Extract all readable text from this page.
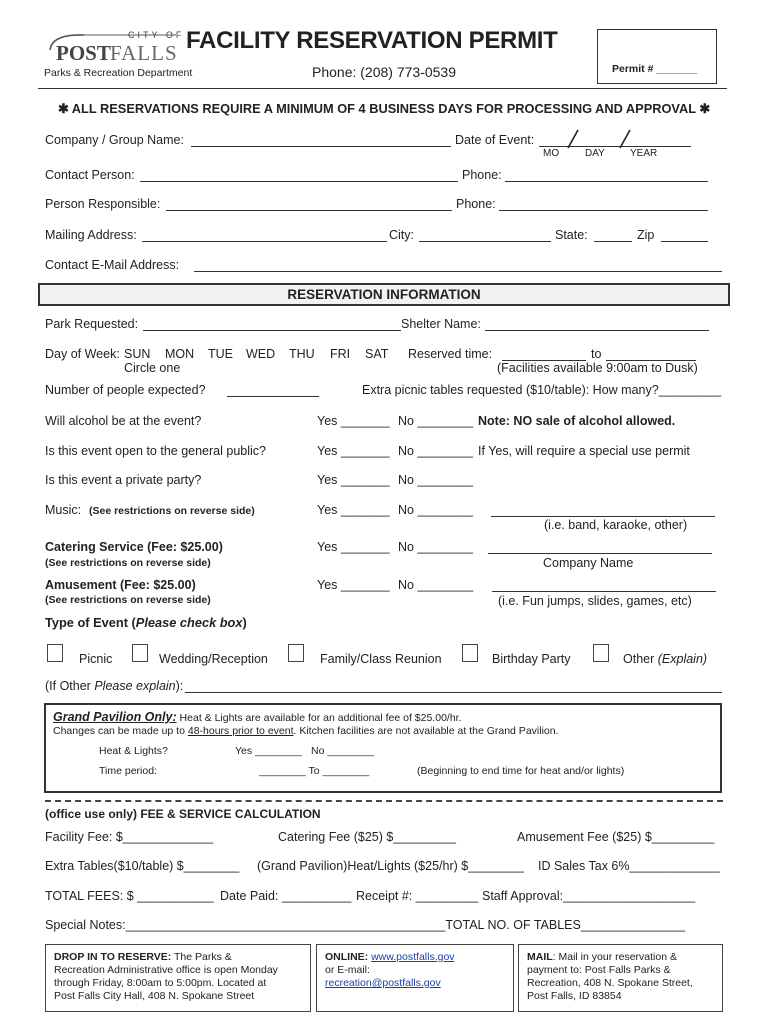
CITY OF
POST FALLS
Parks & Recreation Department
FACILITY RESERVATION PERMIT
Phone: (208) 773-0539	Permit # _______
✱ ALL RESERVATIONS REQUIRE A MINIMUM OF 4 BUSINESS DAYS FOR PROCESSING AND APPROVAL ✱
Company / Group Name:	Date of Event:
MO	DAY	YEAR
Contact Person:	Phone:
Person Responsible:	Phone:
Mailing Address:	City:	State:	Zip
Contact E-Mail Address:
RESERVATION INFORMATION
Park Requested:	Shelter Name:
Day of Week: SUN MON TUE WED THU FRI SAT
Circle one
Reserved time:	to
(Facilities available 9:00am to Dusk)
Number of people expected?	Extra picnic tables requested ($10/table): How many?_________
Will alcohol be at the event?	Yes _______ No ________ Note: NO sale of alcohol allowed.
Is this event open to the general public?	Yes _______ No ________ If Yes, will require a special use permit
Is this event a private party?	Yes _______ No ________
Music: (See restrictions on reverse side)	Yes _______ No ________
(i.e. band, karaoke, other)
Catering Service (Fee: $25.00)
(See restrictions on reverse side)
Yes _______ No ________
Company Name
Amusement (Fee: $25.00)
(See restrictions on reverse side)
Yes _______ No ________
(i.e. Fun jumps, slides, games, etc)
Type of Event (Please check box)
Picnic	Wedding/Reception	Family/Class Reunion	Birthday Party	Other (Explain)
(If Other Please explain):
Grand Pavilion Only: Heat & Lights are available for an additional fee of $25.00/hr.
Changes can be made up to 48-hours prior to event. Kitchen facilities are not available at the Grand Pavilion.
Heat & Lights?	Yes ________ No ________
Time period:	________ To ________	(Beginning to end time for heat and/or lights)
(office use only) FEE & SERVICE CALCULATION
Facility Fee: $_____________	Catering Fee ($25) $_________	Amusement Fee ($25) $_________
Extra Tables($10/table) $________ (Grand Pavilion)Heat/Lights ($25/hr) $________ ID Sales Tax 6%_____________
TOTAL FEES: $ ___________ Date Paid: __________ Receipt #: _________ Staff Approval:___________________
Special Notes:______________________________________________TOTAL NO. OF TABLES_______________
DROP IN TO RESERVE: The Parks &
Recreation Administrative office is open Monday
through Friday, 8:00am to 5:00pm. Located at
Post Falls City Hall, 408 N. Spokane Street
ONLINE: www.postfalls.gov
or E-mail:
recreation@postfalls.gov
MAIL: Mail in your reservation &
payment to: Post Falls Parks &
Recreation, 408 N. Spokane Street,
Post Falls, ID 83854
